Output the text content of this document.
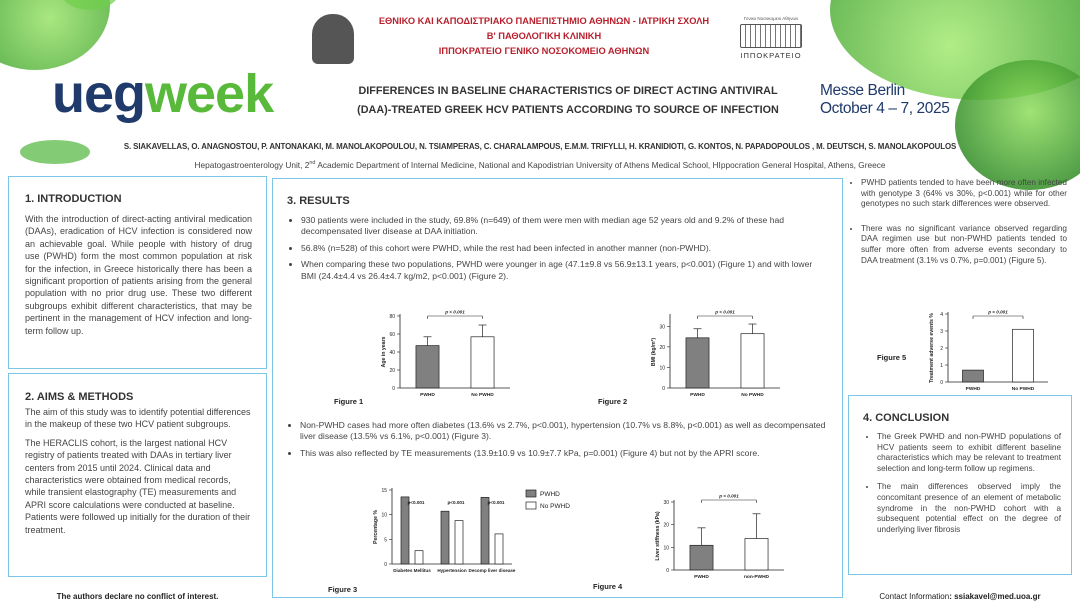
ΕΘΝΙΚΟ ΚΑΙ ΚΑΠΟΔΙΣΤΡΙΑΚΟ ΠΑΝΕΠΙΣΤΗΜΙΟ ΑΘΗΝΩΝ - ΙΑΤΡΙΚΗ ΣΧΟΛΗ
Β' ΠΑΘΟΛΟΓΙΚΗ ΚΛΙΝΙΚΗ
ΙΠΠΟΚΡΑΤΕΙΟ ΓΕΝΙΚΟ ΝΟΣΟΚΟΜΕΙΟ ΑΘΗΝΩΝ
Γενικο Νοσοκομειο Αθηνων
ΙΠΠΟΚΡΑΤΕΙΟ
uegweek	DIFFERENCES IN BASELINE CHARACTERISTICS OF DIRECT ACTING ANTIVIRAL
(DAA)-TREATED GREEK HCV PATIENTS ACCORDING TO SOURCE OF INFECTION
Messe Berlin
October 4 – 7, 2025
S. SIAKAVELLAS, O. ANAGNOSTOU, P. ANTONAKAKI, M. MANOLAKOPOULOU, N. TSIAMPERAS, C. CHARALAMPOUS, E.M.M. TRIFYLLI, H. KRANIDIOTI, G. KONTOS, N. PAPADOPOULOS , M. DEUTSCH, S. MANOLAKOPOULOS
Hepatogastroenterology Unit, 2nd Academic Department of Internal Medicine, National and Kapodistrian University of Athens Medical School, HIppocration General Hospital, Athens, Greece
1. INTRODUCTION
With the introduction of direct-acting antiviral medication (DAAs), eradication of HCV infection is considered now an achievable goal. While people with history of drug use (PWHD) form the most common population at risk for the infection, in Greece historically there has been a significant proportion of patients arising from the general population with no prior drug use. These two different subgroups exhibit different characteristics, that may be pertinent in the management of HCV infection and long-term follow up.
2. AIMS & METHODS
The aim of this study was to identify potential differences in the makeup of these two HCV patient subgroups.
The HERACLIS cohort, is the largest national HCV registry of patients treated with DAAs in tertiary liver centers from 2015 until 2024. Clinical data and characteristics were obtained from medical records, while transient elastography (TE) measurements and APRI score calculations were conducted at baseline. Patients were followed up initially for the duration of their treatment.
The authors declare no conflict of interest.
3. RESULTS
• 930 patients were included in the study, 69.8% (n=649) of them were men with median age 52 years old and 9.2% of these had decompensated liver disease at DAA initiation.
• 56.8% (n=528) of this cohort were PWHD, while the rest had been infected in another manner (non-PWHD).
• When comparing these two populations, PWHD were younger in age (47.1±9.8 vs 56.9±13.1 years, p<0.001) (Figure 1) and with lower BMI (24.4±4.4 vs 26.4±4.7 kg/m2, p<0.001) (Figure 2).
• Non-PWHD cases had more often diabetes (13.6% vs 2.7%, p<0.001), hypertension (10.7% vs 8.8%, p<0.001) as well as decompensated liver disease (13.5% vs 6.1%, p<0.001) (Figure 3).
• This was also reflected by TE measurements (13.9±10.9 vs 10.9±7.7 kPa, p=0.001) (Figure 4) but not by the APRI score.
0
20
40
60
80
Age in years
PWHD	No PWHD
p < 0.001
Figure 1
0
10
20
30
BMI (kg/m²)
PWHD	No PWHD
p < 0.001
Figure 2
0
5
10
15
Percentage %
Diabetes Mellitus
p<0.001
Hypertension
p<0.001
Decomp liver disease
p<0.001
PWHD
No PWHD
Figure 3
0
10
20
30
Liver stiffness (kPa)
PWHD	non-PWHD
p < 0.001
Figure 4
• PWHD patients tended to have been more often infected with genotype 3 (64% vs 30%, p<0.001) while for other genotypes no such stark differences were observed.
• There was no significant variance observed regarding DAA regimen use but non-PWHD patients tended to suffer more often from adverse events secondary to DAA treatment (3.1% vs 0.7%, p=0.001) (Figure 5).
0
1
2
3
4
Treatment adverse events %
PWHD	No PWHD
p = 0.001
Figure 5
4. CONCLUSION
• The Greek PWHD and non-PWHD populations of HCV patients seem to exhibit different baseline characteristics which may be relevant to treatment selection and long-term follow up regimens.
• The main differences observed imply the concomitant presence of an element of metabolic syndrome in the non-PWHD cohort with a subsequent potential effect on the degree of underlying liver fibrosis
Contact Information: ssiakavel@med.uoa.gr
